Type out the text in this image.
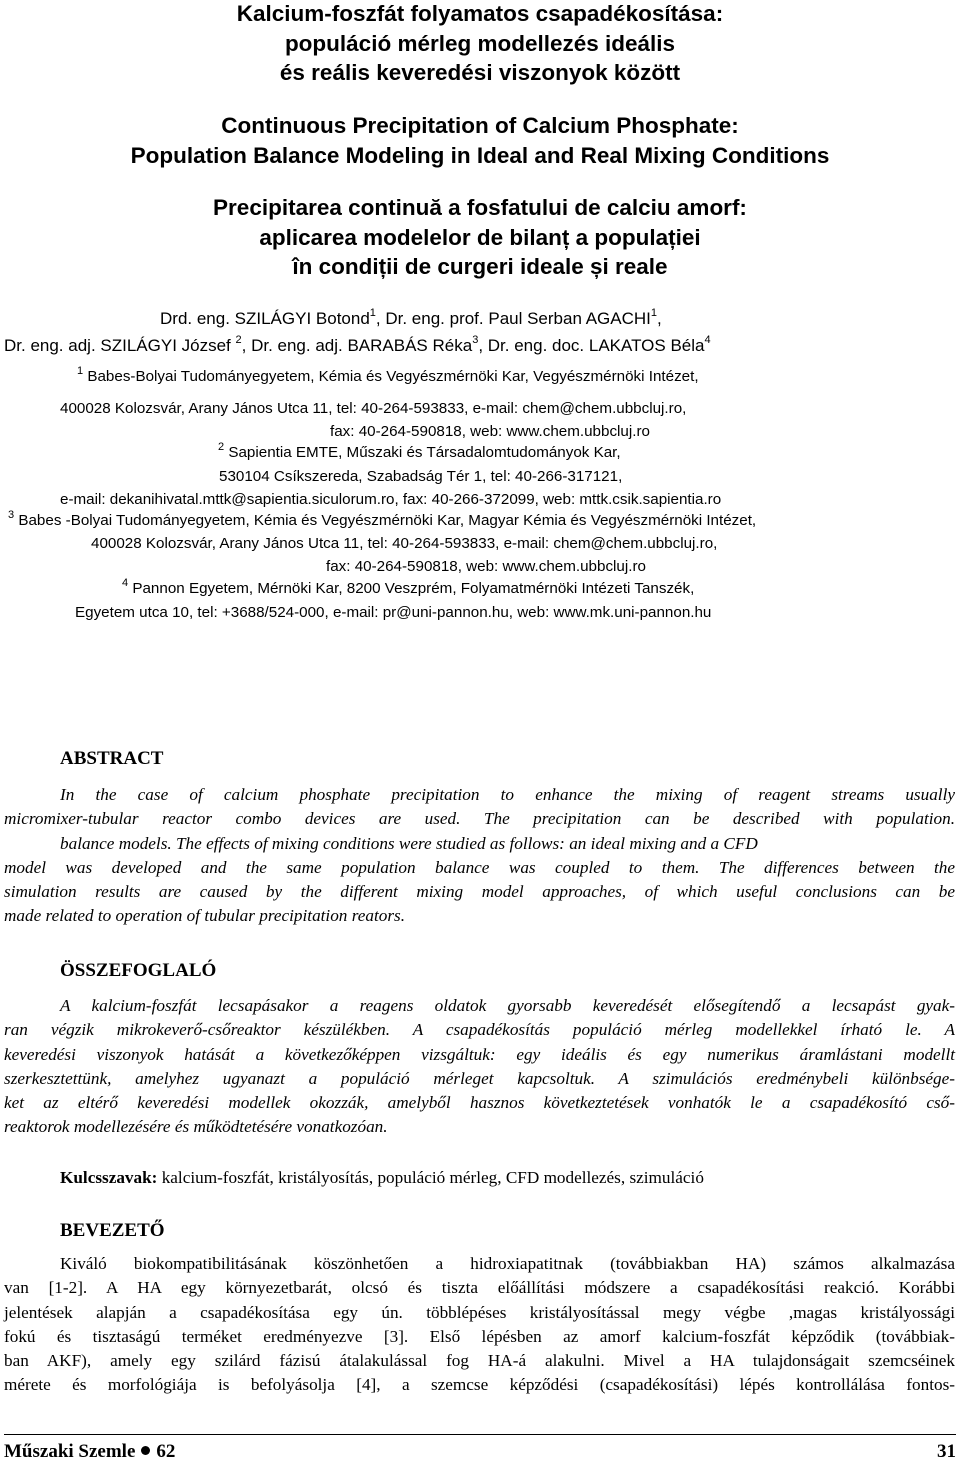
Kalcium-foszfát folyamatos csapadékosítása:
populáció mérleg modellezés ideális
és reális keveredési viszonyok között
Continuous Precipitation of Calcium Phosphate:
Population Balance Modeling in Ideal and Real Mixing Conditions
Precipitarea continuă a fosfatului de calciu amorf:
aplicarea modelelor de bilanț a populației
în condiții de curgeri ideale și reale
Drd. eng. SZILÁGYI Botond$^1$, Dr. eng. prof. Paul Serban AGACHI$^1$,
Dr. eng. adj. SZILÁGYI József $^2$, Dr. eng. adj. BARABÁS Réka$^3$, Dr. eng. doc. LAKATOS Béla$^4$
$^1$ Babes-Bolyai Tudományegyetem, Kémia és Vegyészmérnöki Kar, Vegyészmérnöki Intézet,
400028 Kolozsvár, Arany János Utca 11, tel: 40-264-593833, e-mail: chem@chem.ubbcluj.ro,
fax: 40-264-590818, web: www.chem.ubbcluj.ro
$^2$ Sapientia EMTE, Műszaki és Társadalomtudományok Kar,
530104 Csíkszereda, Szabadság Tér 1, tel: 40-266-317121,
e-mail: dekanihivatal.mttk@sapientia.siculorum.ro, fax: 40-266-372099, web: mttk.csik.sapientia.ro
$^3$ Babes -Bolyai Tudományegyetem, Kémia és Vegyészmérnöki Kar, Magyar Kémia és Vegyészmérnöki Intézet,
400028 Kolozsvár, Arany János Utca 11, tel: 40-264-593833, e-mail: chem@chem.ubbcluj.ro,
fax: 40-264-590818, web: www.chem.ubbcluj.ro
$^4$ Pannon Egyetem, Mérnöki Kar, 8200 Veszprém, Folyamatmérnöki Intézeti Tanszék,
Egyetem utca 10, tel: +3688/524-000, e-mail: pr@uni-pannon.hu, web: www.mk.uni-pannon.hu
ABSTRACT
In the case of calcium phosphate precipitation to enhance the mixing of reagent streams usually
micromixer-tubular reactor combo devices are used. The precipitation can be described with population.
balance models. The effects of mixing conditions were studied as follows: an ideal mixing and a CFD
model was developed and the same population balance was coupled to them. The differences between the
simulation results are caused by the different mixing model approaches, of which useful conclusions can be
made related to operation of tubular precipitation reators.
ÖSSZEFOGLALÓ
A kalcium-foszfát lecsapásakor a reagens oldatok gyorsabb keveredését elősegítendő a lecsapást gyak-
ran végzik mikrokeverő-csőreaktor készülékben. A csapadékosítás populáció mérleg modellekkel írható le. A
keveredési viszonyok hatását a következőképpen vizsgáltuk: egy ideális és egy numerikus áramlástani modellt
szerkesztettünk, amelyhez ugyanazt a populáció mérleget kapcsoltuk. A szimulációs eredménybeli különbsége-
ket az eltérő keveredési modellek okozzák, amelyből hasznos következtetések vonhatók le a csapadékosító cső-
reaktorok modellezésére és működtetésére vonatkozóan.
Kulcsszavak: kalcium-foszfát, kristályosítás, populáció mérleg, CFD modellezés, szimuláció
BEVEZETŐ
Kiváló biokompatibilitásának köszönhetően a hidroxiapatitnak (továbbiakban HA) számos alkalmazása
van [1-2]. A HA egy környezetbarát, olcsó és tiszta előállítási módszere a csapadékosítási reakció. Korábbi
jelentések alapján a csapadékosítása egy ún. többlépéses kristályosítással megy végbe ,magas kristályossági
fokú és tisztaságú terméket eredményezve [3]. Első lépésben az amorf kalcium-foszfát képződik (továbbiak-
ban AKF), amely egy szilárd fázisú átalakulással fog HA-á alakulni. Mivel a HA tulajdonságait szemcséinek
mérete és morfológiája is befolyásolja [4], a szemcse képződési (csapadékosítási) lépés kontrollálása fontos-
Műszaki Szemle 62	31
